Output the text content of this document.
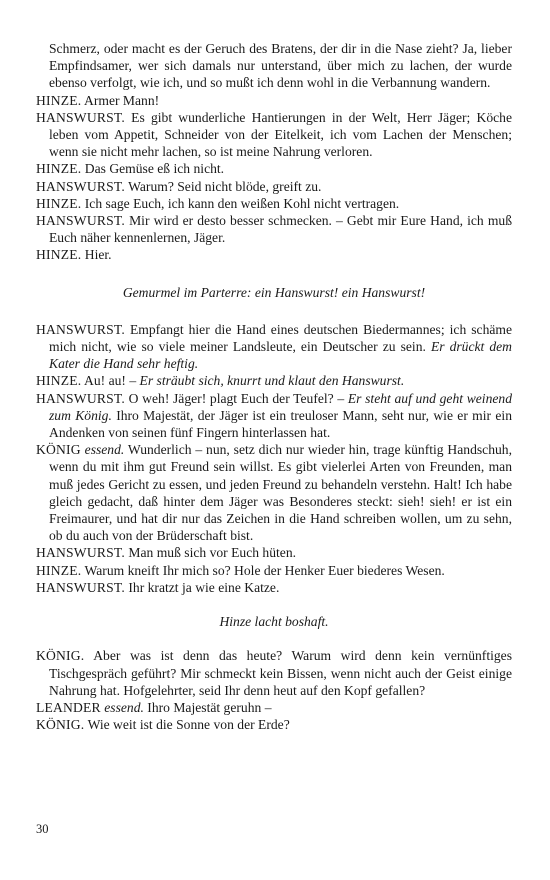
Schmerz, oder macht es der Geruch des Bratens, der dir in die Nase zieht? Ja, lieber Empfindsamer, wer sich damals nur unterstand, über mich zu lachen, der wurde ebenso verfolgt, wie ich, und so mußt ich denn wohl in die Verbannung wandern.

HINZE. Armer Mann!

HANSWURST. Es gibt wunderliche Hantierungen in der Welt, Herr Jäger; Köche leben vom Appetit, Schneider von der Eitelkeit, ich vom Lachen der Menschen; wenn sie nicht mehr lachen, so ist meine Nahrung verloren.

HINZE. Das Gemüse eß ich nicht.

HANSWURST. Warum? Seid nicht blöde, greift zu.

HINZE. Ich sage Euch, ich kann den weißen Kohl nicht vertragen.

HANSWURST. Mir wird er desto besser schmecken. – Gebt mir Eure Hand, ich muß Euch näher kennenlernen, Jäger.

HINZE. Hier.

Gemurmel im Parterre: ein Hanswurst! ein Hanswurst!

HANSWURST. Empfangt hier die Hand eines deutschen Biedermannes; ich schäme mich nicht, wie so viele meiner Landsleute, ein Deutscher zu sein. Er drückt dem Kater die Hand sehr heftig.

HINZE. Au! au! – Er sträubt sich, knurrt und klaut den Hanswurst.

HANSWURST. O weh! Jäger! plagt Euch der Teufel? – Er steht auf und geht weinend zum König. Ihro Majestät, der Jäger ist ein treuloser Mann, seht nur, wie er mir ein Andenken von seinen fünf Fingern hinterlassen hat.

KÖNIG essend. Wunderlich – nun, setz dich nur wieder hin, trage künftig Handschuh, wenn du mit ihm gut Freund sein willst. Es gibt vielerlei Arten von Freunden, man muß jedes Gericht zu essen, und jeden Freund zu behandeln verstehn. Halt! Ich habe gleich gedacht, daß hinter dem Jäger was Besonderes steckt: sieh! sieh! er ist ein Freimaurer, und hat dir nur das Zeichen in die Hand schreiben wollen, um zu sehn, ob du auch von der Brüderschaft bist.

HANSWURST. Man muß sich vor Euch hüten.

HINZE. Warum kneift Ihr mich so? Hole der Henker Euer biederes Wesen.

HANSWURST. Ihr kratzt ja wie eine Katze.

Hinze lacht boshaft.

KÖNIG. Aber was ist denn das heute? Warum wird denn kein vernünftiges Tischgespräch geführt? Mir schmeckt kein Bissen, wenn nicht auch der Geist einige Nahrung hat. Hofgelehrter, seid Ihr denn heut auf den Kopf gefallen?

LEANDER essend. Ihro Majestät geruhn –

KÖNIG. Wie weit ist die Sonne von der Erde?

30
